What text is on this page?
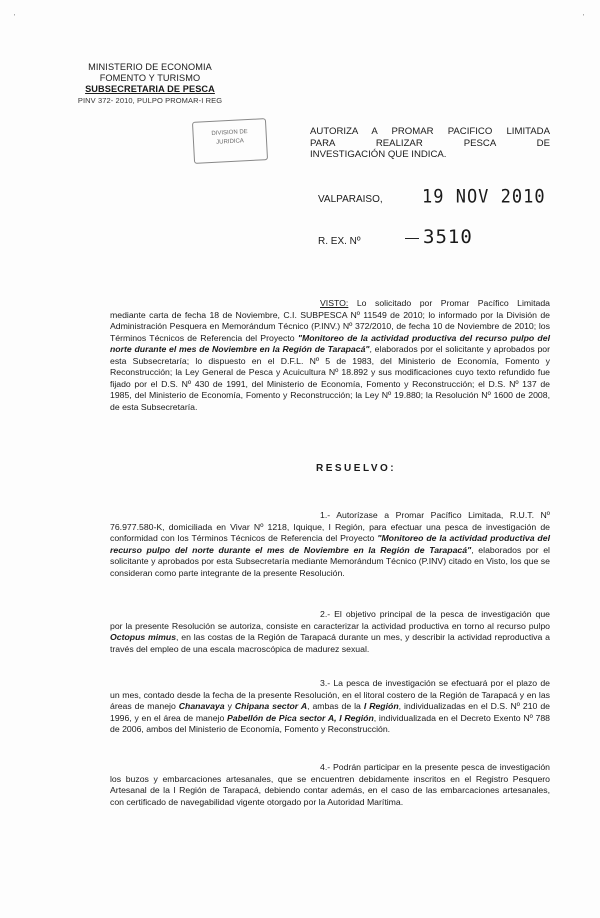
'	'
MINISTERIO DE ECONOMIA
FOMENTO Y TURISMO
SUBSECRETARIA DE PESCA
PINV 372- 2010, PULPO PROMAR-I REG
DIVISION DE
JURIDICA
AUTORIZA A PROMAR PACIFICO LIMITADA
PARA REALIZAR PESCA DE
INVESTIGACIÓN QUE INDICA.
VALPARAISO, 19 NOV 2010
R. EX. Nº	3510

VISTO: Lo solicitado por Promar Pacífico Limitada mediante carta de fecha 18 de Noviembre, C.I. SUBPESCA Nº 11549 de 2010; lo informado por la División de Administración Pesquera en Memorándum Técnico (P.INV.) Nº 372/2010, de fecha 10 de Noviembre de 2010; los Términos Técnicos de Referencia del Proyecto "Monitoreo de la actividad productiva del recurso pulpo del norte durante el mes de Noviembre en la Región de Tarapacá", elaborados por el solicitante y aprobados por esta Subsecretaría; lo dispuesto en el D.F.L. Nº 5 de 1983, del Ministerio de Economía, Fomento y Reconstrucción; la Ley General de Pesca y Acuicultura Nº 18.892 y sus modificaciones cuyo texto refundido fue fijado por el D.S. Nº 430 de 1991, del Ministerio de Economía, Fomento y Reconstrucción; el D.S. Nº 137 de 1985, del Ministerio de Economía, Fomento y Reconstrucción; la Ley Nº 19.880; la Resolución Nº 1600 de 2008, de esta Subsecretaría.

RESUELVO:

1.- Autorízase a Promar Pacífico Limitada, R.U.T. Nº 76.977.580-K, domiciliada en Vivar Nº 1218, Iquique, I Región, para efectuar una pesca de investigación de conformidad con los Términos Técnicos de Referencia del Proyecto "Monitoreo de la actividad productiva del recurso pulpo del norte durante el mes de Noviembre en la Región de Tarapacá", elaborados por el solicitante y aprobados por esta Subsecretaría mediante Memorándum Técnico (P.INV) citado en Visto, los que se consideran como parte integrante de la presente Resolución.

2.- El objetivo principal de la pesca de investigación que por la presente Resolución se autoriza, consiste en caracterizar la actividad productiva en torno al recurso pulpo Octopus mimus, en las costas de la Región de Tarapacá durante un mes, y describir la actividad reproductiva a través del empleo de una escala macroscópica de madurez sexual.

3.- La pesca de investigación se efectuará por el plazo de un mes, contado desde la fecha de la presente Resolución, en el litoral costero de la Región de Tarapacá y en las áreas de manejo Chanavaya y Chipana sector A, ambas de la I Región, individualizadas en el D.S. Nº 210 de 1996, y en el área de manejo Pabellón de Pica sector A, I Región, individualizada en el Decreto Exento Nº 788 de 2006, ambos del Ministerio de Economía, Fomento y Reconstrucción.

4.- Podrán participar en la presente pesca de investigación los buzos y embarcaciones artesanales, que se encuentren debidamente inscritos en el Registro Pesquero Artesanal de la I Región de Tarapacá, debiendo contar además, en el caso de las embarcaciones artesanales, con certificado de navegabilidad vigente otorgado por la Autoridad Marítima.
